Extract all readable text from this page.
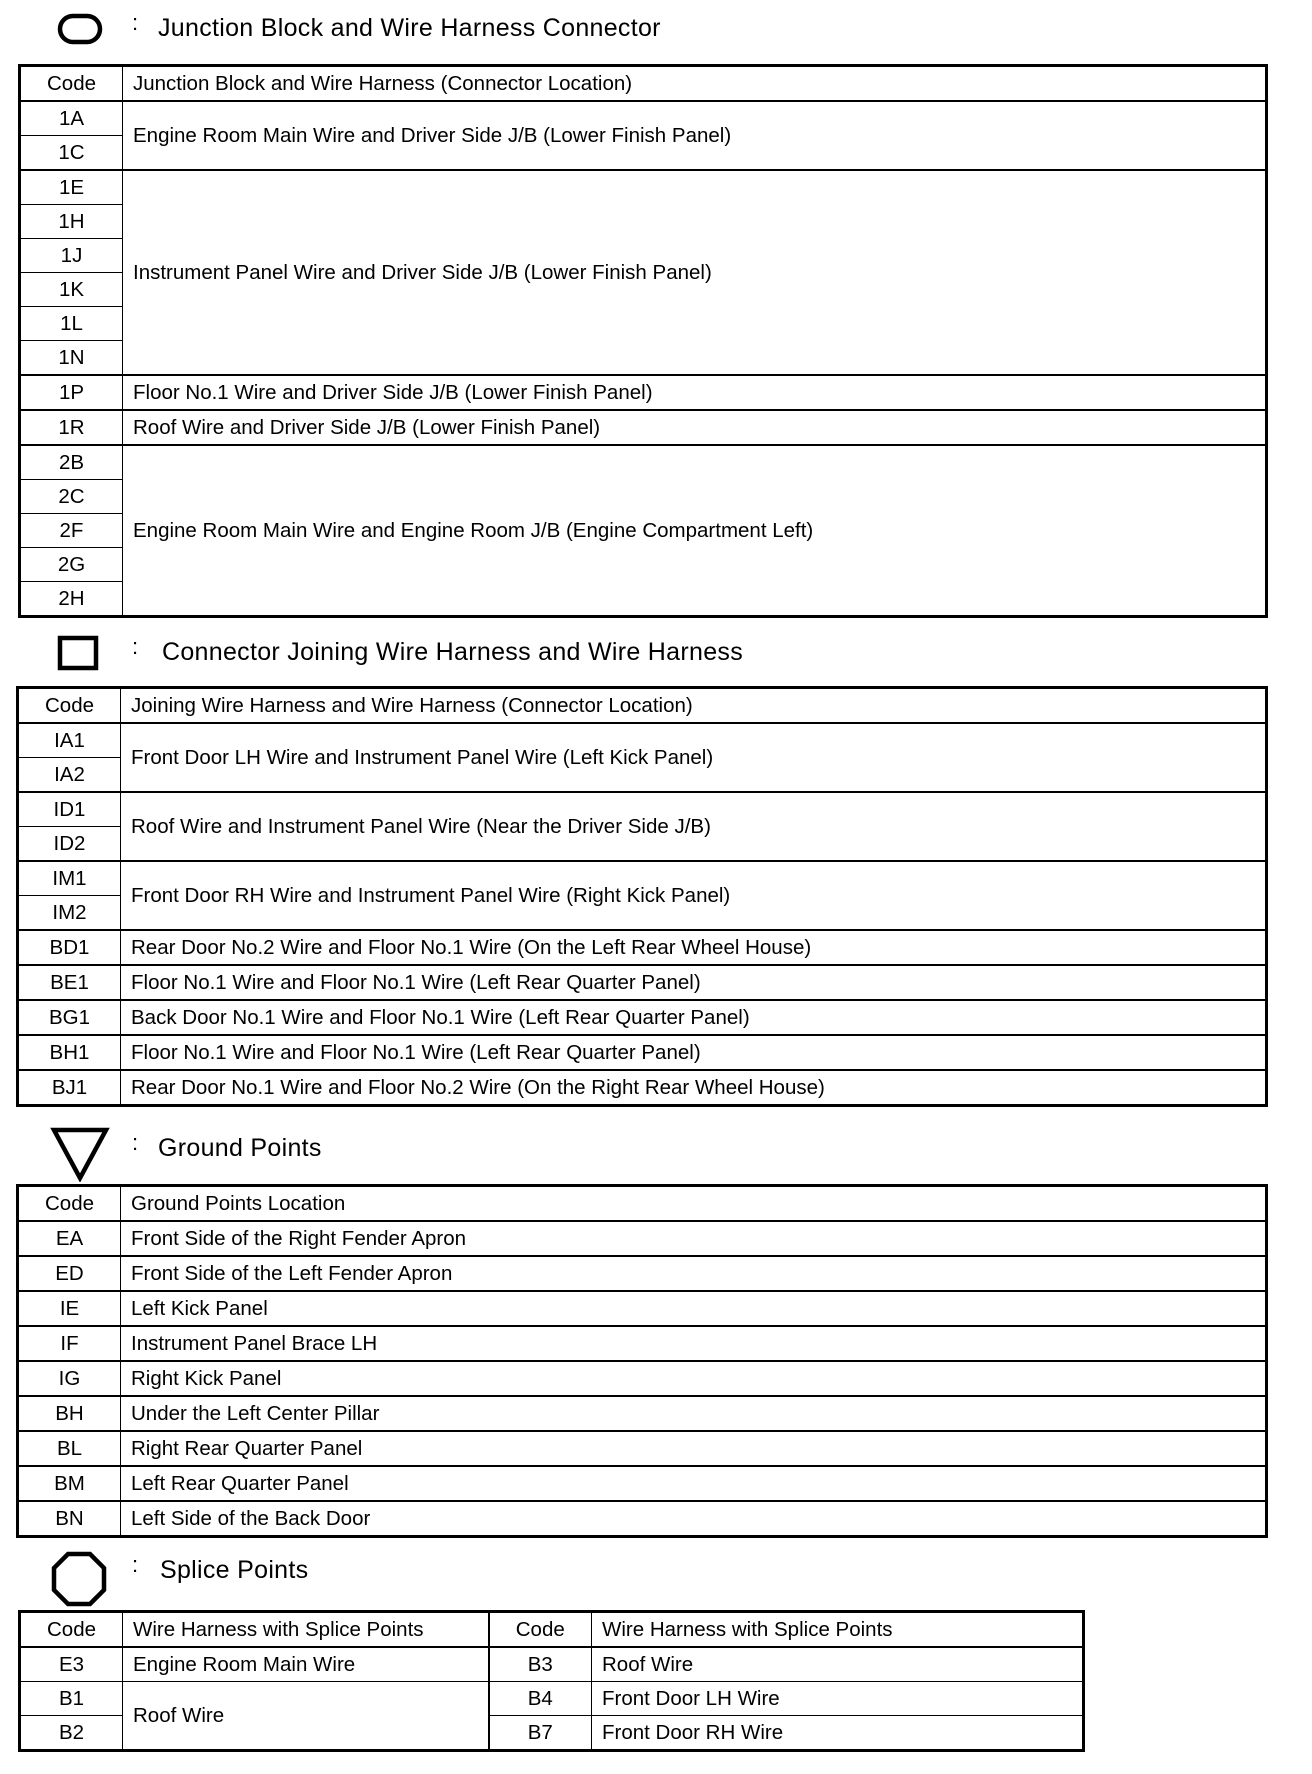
: Junction Block and Wire Harness Connector
Code	Junction Block and Wire Harness (Connector Location)
1A	Engine Room Main Wire and Driver Side J/B (Lower Finish Panel)
1C	
1E	Instrument Panel Wire and Driver Side J/B (Lower Finish Panel)
1H	
1J	
1K	
1L	
1N	
1P	Floor No.1 Wire and Driver Side J/B (Lower Finish Panel)
1R	Roof Wire and Driver Side J/B (Lower Finish Panel)
2B	Engine Room Main Wire and Engine Room J/B (Engine Compartment Left)
2C	
2F	
2G	
2H	
: Connector Joining Wire Harness and Wire Harness
Code	Joining Wire Harness and Wire Harness (Connector Location)
IA1	Front Door LH Wire and Instrument Panel Wire (Left Kick Panel)
IA2	
ID1	Roof Wire and Instrument Panel Wire (Near the Driver Side J/B)
ID2	
IM1	Front Door RH Wire and Instrument Panel Wire (Right Kick Panel)
IM2	
BD1	Rear Door No.2 Wire and Floor No.1 Wire (On the Left Rear Wheel House)
BE1	Floor No.1 Wire and Floor No.1 Wire (Left Rear Quarter Panel)
BG1	Back Door No.1 Wire and Floor No.1 Wire (Left Rear Quarter Panel)
BH1	Floor No.1 Wire and Floor No.1 Wire (Left Rear Quarter Panel)
BJ1	Rear Door No.1 Wire and Floor No.2 Wire (On the Right Rear Wheel House)
: Ground Points
Code	Ground Points Location
EA	Front Side of the Right Fender Apron
ED	Front Side of the Left Fender Apron
IE	Left Kick Panel
IF	Instrument Panel Brace LH
IG	Right Kick Panel
BH	Under the Left Center Pillar
BL	Right Rear Quarter Panel
BM	Left Rear Quarter Panel
BN	Left Side of the Back Door
: Splice Points
Code	Wire Harness with Splice Points	Code	Wire Harness with Splice Points
E3	Engine Room Main Wire	B3	Roof Wire
B1	Roof Wire	B4	Front Door LH Wire
B2		B7	Front Door RH Wire
